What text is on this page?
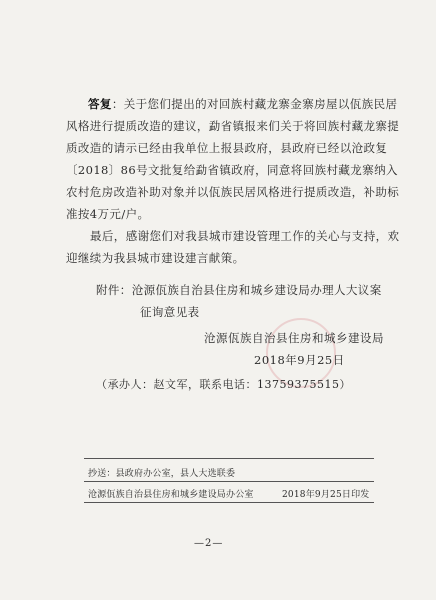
答复：关于您们提出的对回族村藏龙寨金寨房屋以佤族民居
风格进行提质改造的建议，勐省镇报来们关于将回族村藏龙寨提
质改造的请示已经由我单位上报县政府，县政府已经以沧政复
〔2018〕86号文批复给勐省镇政府，同意将回族村藏龙寨纳入
农村危房改造补助对象并以佤族民居风格进行提质改造，补助标
准按4万元/户。
最后，感谢您们对我县城市建设管理工作的关心与支持，欢
迎继续为我县城市建设建言献策。
附件：沧源佤族自治县住房和城乡建设局办理人大议案
征询意见表
沧源佤族自治县住房和城乡建设局
2018年9月25日
（承办人：赵文军，联系电话：13759375515）
抄送：县政府办公室，县人大选联委
沧源佤族自治县住房和城乡建设局办公室	2018年9月25日印发
—2—
